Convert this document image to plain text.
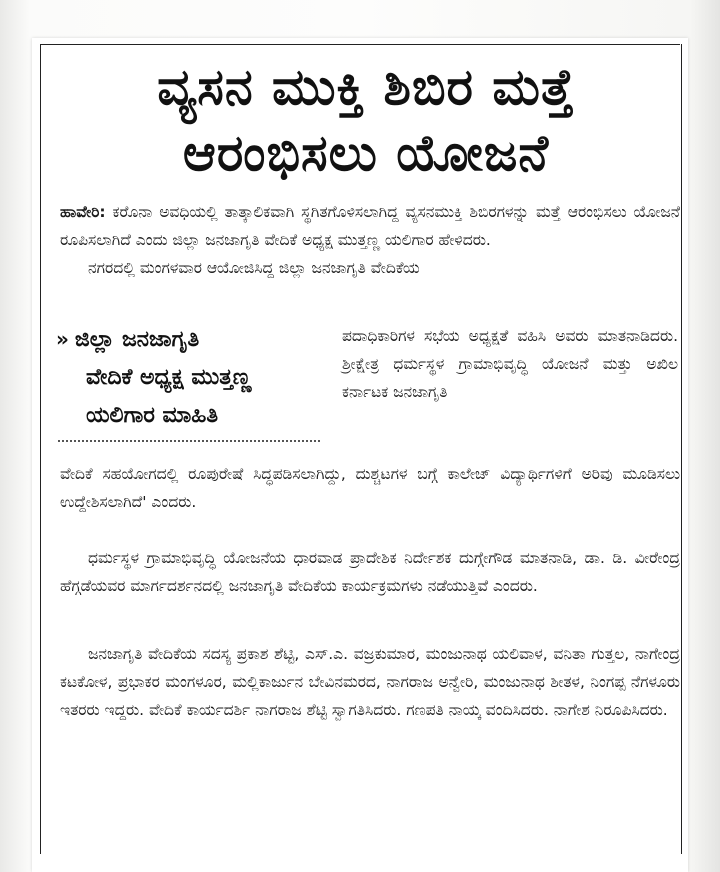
ವ್ಯಸನ ಮುಕ್ತಿ ಶಿಬಿರ ಮತ್ತೆ
ಆರಂಭಿಸಲು ಯೋಜನೆ

ಹಾವೇರಿ: ಕರೊನಾ ಅವಧಿಯಲ್ಲಿ ತಾತ್ಕಾಲಿಕವಾಗಿ ಸ್ಥಗಿತಗೊಳಿಸಲಾಗಿದ್ದ ವ್ಯಸನಮುಕ್ತಿ ಶಿಬಿರಗಳನ್ನು ಮತ್ತೆ ಆರಂಭಿಸಲು ಯೋಜನೆ ರೂಪಿಸಲಾಗಿದೆ ಎಂದು ಜಿಲ್ಲಾ ಜನಜಾಗೃತಿ ವೇದಿಕೆ ಅಧ್ಯಕ್ಷ ಮುತ್ತಣ್ಣ ಯಲಿಗಾರ ಹೇಳಿದರು.

ನಗರದಲ್ಲಿ ಮಂಗಳವಾರ ಆಯೋಜಿಸಿದ್ದ ಜಿಲ್ಲಾ ಜನಜಾಗೃತಿ ವೇದಿಕೆಯ

» ಜಿಲ್ಲಾ ಜನಜಾಗೃತಿ
ವೇದಿಕೆ ಅಧ್ಯಕ್ಷ ಮುತ್ತಣ್ಣ
ಯಲಿಗಾರ ಮಾಹಿತಿ

ಪದಾಧಿಕಾರಿಗಳ ಸಭೆಯ ಅಧ್ಯಕ್ಷತೆ ವಹಿಸಿ ಅವರು ಮಾತನಾಡಿದರು. ಶ್ರೀಕ್ಷೇತ್ರ ಧರ್ಮಸ್ಥಳ ಗ್ರಾಮಾಭಿವೃದ್ಧಿ ಯೋಜನೆ ಮತ್ತು ಅಖಿಲ ಕರ್ನಾಟಕ ಜನಜಾಗೃತಿ

ವೇದಿಕೆ ಸಹಯೋಗದಲ್ಲಿ ರೂಪುರೇಷೆ ಸಿದ್ಧಪಡಿಸಲಾಗಿದ್ದು, ದುಶ್ಚಟಗಳ ಬಗ್ಗೆ ಕಾಲೇಜ್ ವಿದ್ಯಾರ್ಥಿಗಳಿಗೆ ಅರಿವು ಮೂಡಿಸಲು ಉದ್ದೇಶಿಸಲಾಗಿದೆ' ಎಂದರು.

ಧರ್ಮಸ್ಥಳ ಗ್ರಾಮಾಭಿವೃದ್ಧಿ ಯೋಜನೆಯ ಧಾರವಾಡ ಪ್ರಾದೇಶಿಕ ನಿರ್ದೇಶಕ ದುಗ್ಗೇಗೌಡ ಮಾತನಾಡಿ, ಡಾ. ಡಿ. ವೀರೇಂದ್ರ ಹೆಗ್ಗಡೆಯವರ ಮಾರ್ಗದರ್ಶನದಲ್ಲಿ ಜನಜಾಗೃತಿ ವೇದಿಕೆಯ ಕಾರ್ಯಕ್ರಮಗಳು ನಡೆಯುತ್ತಿವೆ ಎಂದರು.

ಜನಜಾಗೃತಿ ವೇದಿಕೆಯ ಸದಸ್ಯ ಪ್ರಕಾಶ ಶೆಟ್ಟಿ, ಎಸ್.ಎ. ವಜ್ರಕುಮಾರ, ಮಂಜುನಾಥ ಯಲಿವಾಳ, ವನಿತಾ ಗುತ್ತಲ, ನಾಗೇಂದ್ರ ಕಟಕೋಳ, ಪ್ರಭಾಕರ ಮಂಗಳೂರ, ಮಲ್ಲಿಕಾರ್ಜುನ ಬೇವಿನಮರದ, ನಾಗರಾಜ ಅನ್ವೇರಿ, ಮಂಜುನಾಥ ಶೀತಳ, ನಿಂಗಪ್ಪ ನೆಗಳೂರು ಇತರರು ಇದ್ದರು. ವೇದಿಕೆ ಕಾರ್ಯದರ್ಶಿ ನಾಗರಾಜ ಶೆಟ್ಟಿ ಸ್ವಾಗತಿಸಿದರು. ಗಣಪತಿ ನಾಯ್ಕ ವಂದಿಸಿದರು. ನಾಗೇಶ ನಿರೂಪಿಸಿದರು.
